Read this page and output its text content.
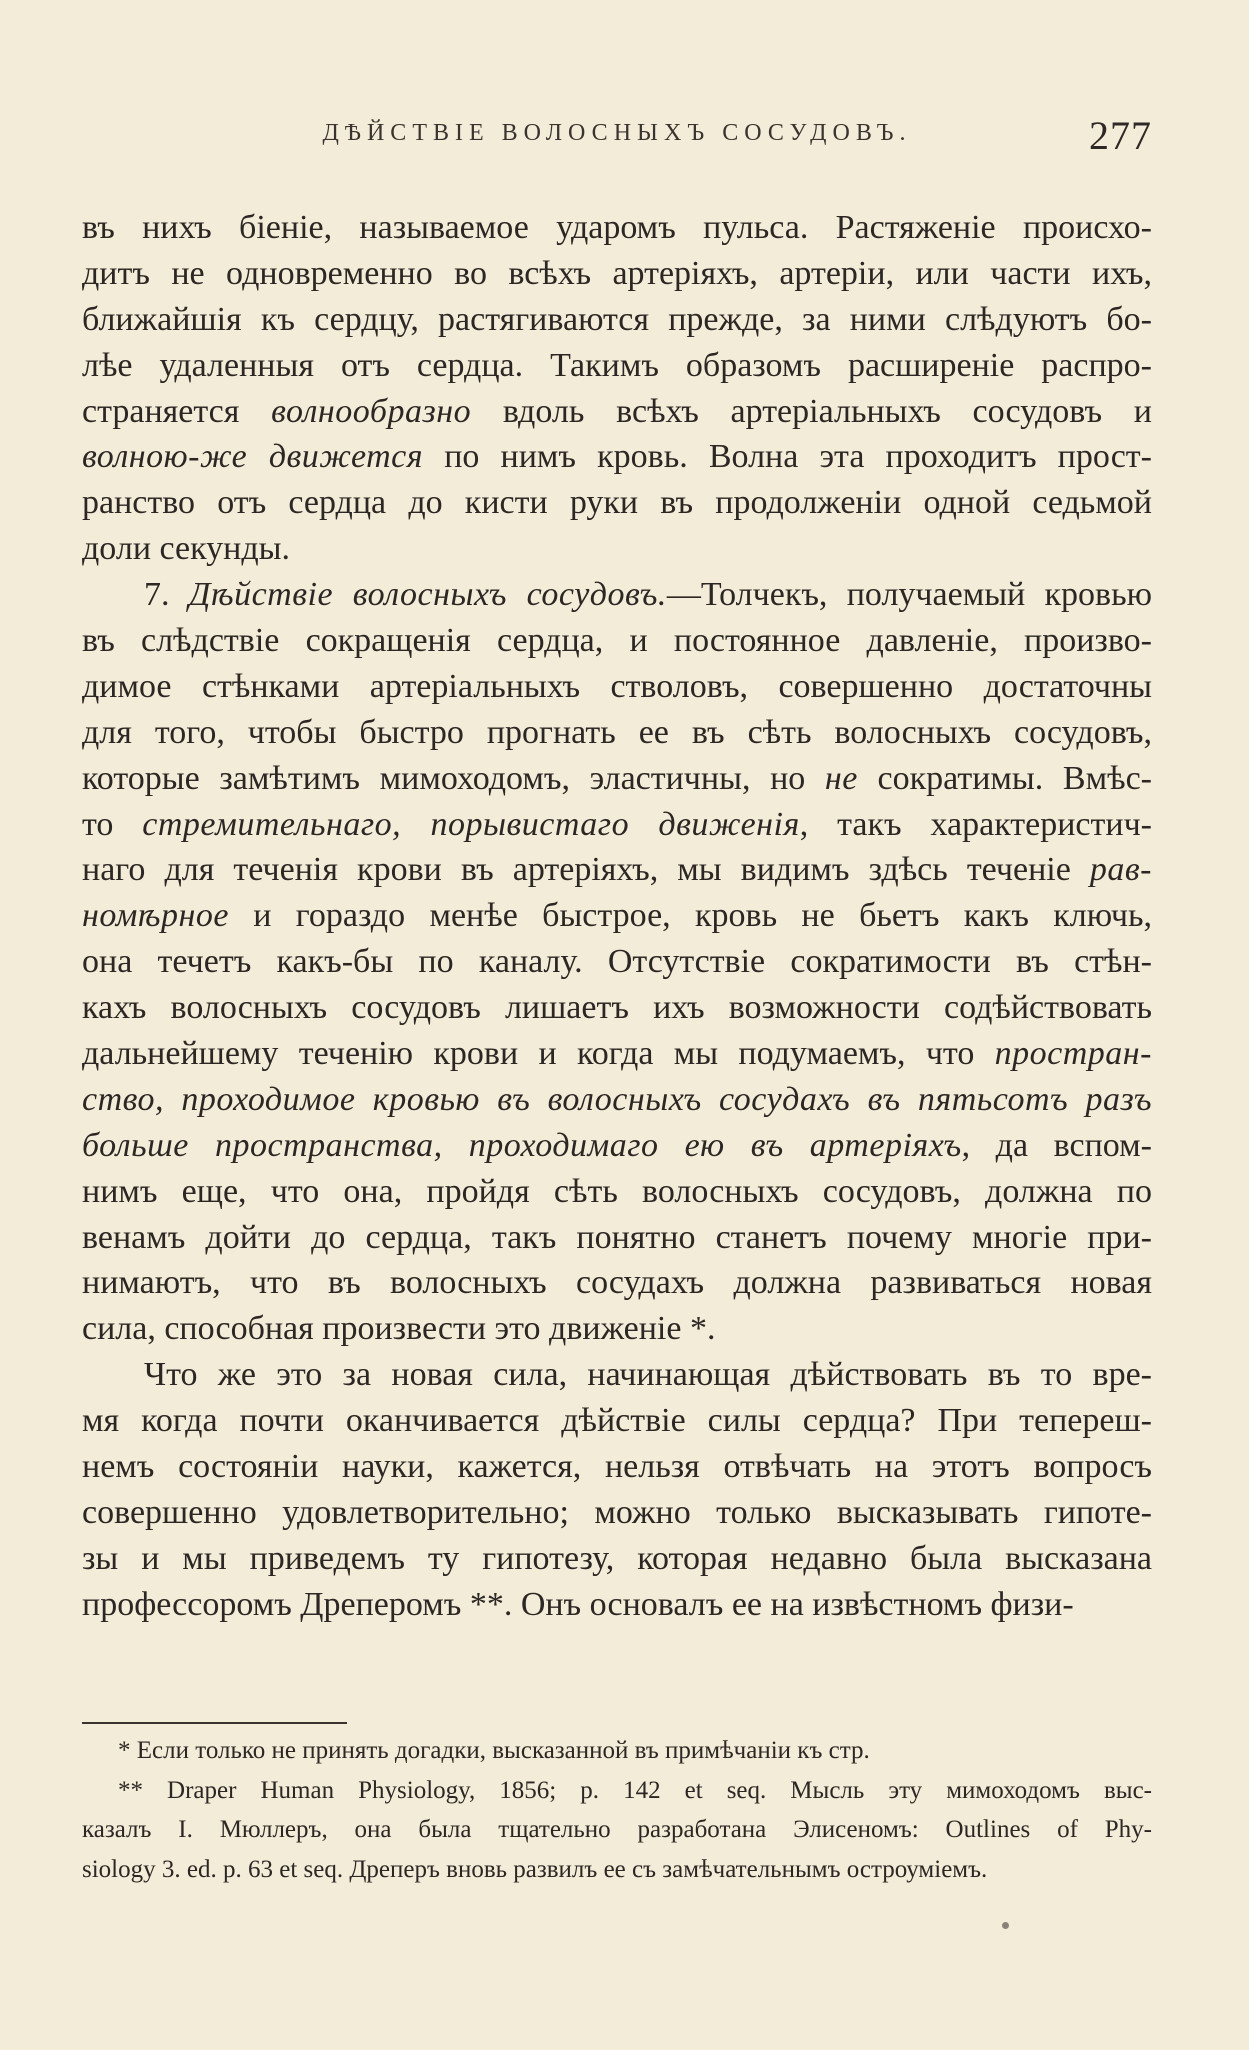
ДѢЙСТВIЕ ВОЛОСНЫХЪ СОСУДОВЪ.	277
въ нихъ бiенiе, называемое ударомъ пульса. Растяженiе происхо-
дитъ не одновременно во всѣхъ артерiяхъ, артерiи, или части ихъ,
ближайшiя къ сердцу, растягиваются прежде, за ними слѣдуютъ бо-
лѣе удаленныя отъ сердца. Такимъ образомъ расширенiе распро-
страняется волнообразно вдоль всѣхъ артерiальныхъ сосудовъ и
волною-же движется по нимъ кровь. Волна эта проходитъ прост-
ранство отъ сердца до кисти руки въ продолженiи одной седьмой
доли секунды.
7. Дѣйствiе волосныхъ сосудовъ.—Толчекъ, получаемый кровью
въ слѣдствiе сокращенiя сердца, и постоянное давленiе, произво-
димое стѣнками артерiальныхъ стволовъ, совершенно достаточны
для того, чтобы быстро прогнать ее въ сѣть волосныхъ сосудовъ,
которые замѣтимъ мимоходомъ, эластичны, но не сократимы. Вмѣс-
то стремительнаго, порывистаго движенiя, такъ характеристич-
наго для теченiя крови въ артерiяхъ, мы видимъ здѣсь теченiе рав-
номѣрное и гораздо менѣе быстрое, кровь не бьетъ какъ ключь,
она течетъ какъ-бы по каналу. Отсутствiе сократимости въ стѣн-
кахъ волосныхъ сосудовъ лишаетъ ихъ возможности содѣйствовать
дальнейшему теченiю крови и когда мы подумаемъ, что простран-
ство, проходимое кровью въ волосныхъ сосудахъ въ пятьсотъ разъ
больше пространства, проходимаго ею въ артерiяхъ, да вспом-
нимъ еще, что она, пройдя сѣть волосныхъ сосудовъ, должна по
венамъ дойти до сердца, такъ понятно станетъ почему многiе при-
нимаютъ, что въ волосныхъ сосудахъ должна развиваться новая
сила, способная произвести это движенiе *.
Что же это за новая сила, начинающая дѣйствовать въ то вре-
мя когда почти оканчивается дѣйствiе силы сердца? При тепереш-
немъ состоянiи науки, кажется, нельзя отвѣчать на этотъ вопросъ
совершенно удовлетворительно; можно только высказывать гипоте-
зы и мы приведемъ ту гипотезу, которая недавно была высказана
профессоромъ Дреперомъ **. Онъ основалъ ее на извѣстномъ физи-
* Если только не принять догадки, высказанной въ примѣчанiи къ стр.
** Draper Human Physiology, 1856; p. 142 et seq. Мысль эту мимоходомъ выс-
казалъ I. Мюллеръ, она была тщательно разработана Элисеномъ: Outlines of Phy-
siology 3. ed. p. 63 et seq. Дреперъ вновь развилъ ее съ замѣчательнымъ остроумiемъ.
